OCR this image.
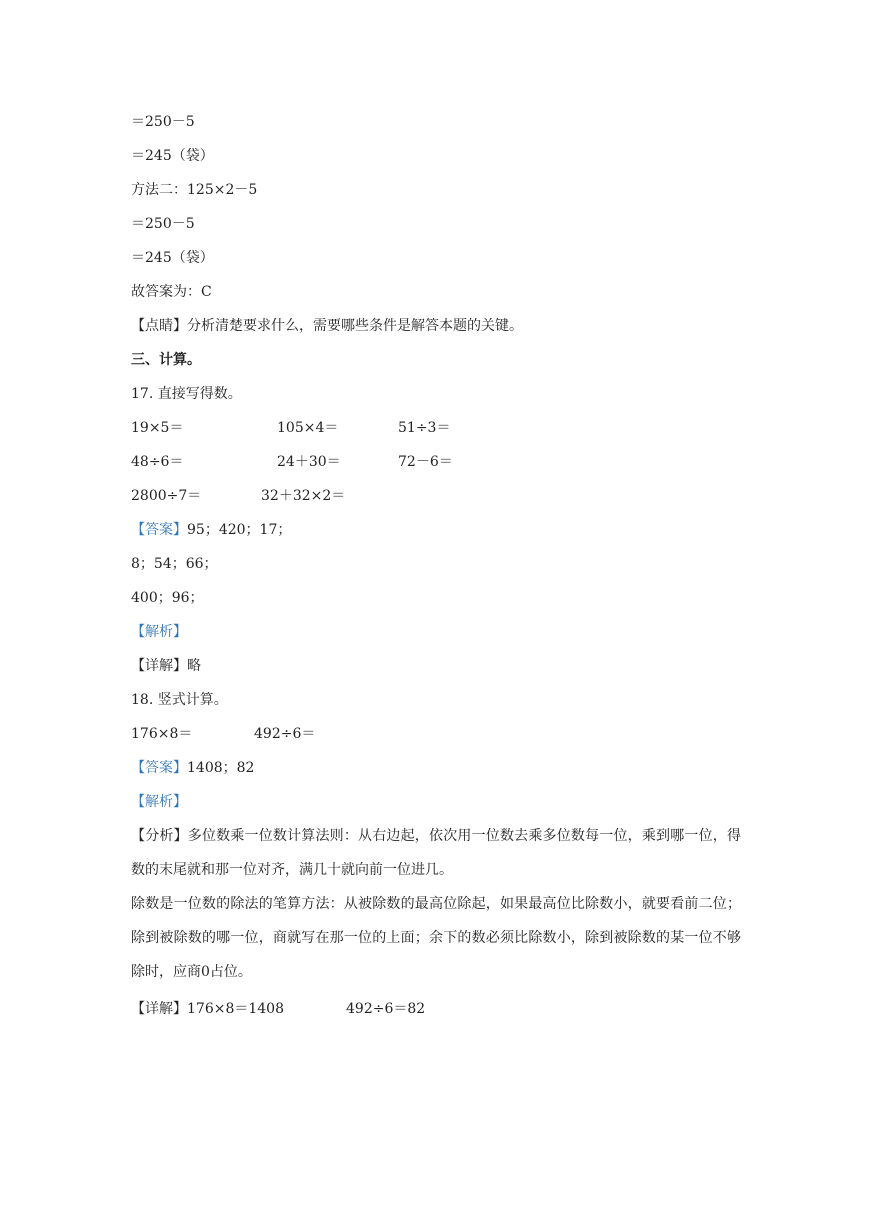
＝250－5
＝245（袋）
方法二：125×2－5
＝250－5
＝245（袋）
故答案为：C
【点睛】分析清楚要求什么，需要哪些条件是解答本题的关键。
三、计算。
17. 直接写得数。
19×5＝	105×4＝	51÷3＝
48÷6＝	24＋30＝	72－6＝
2800÷7＝	32＋32×2＝
【答案】95；420；17；
8；54；66；
400；96；
【解析】
【详解】略
18. 竖式计算。
176×8＝	492÷6＝
【答案】1408；82
【解析】
【分析】多位数乘一位数计算法则：从右边起，依次用一位数去乘多位数每一位，乘到哪一位，得数的末尾就和那一位对齐，满几十就向前一位进几。
除数是一位数的除法的笔算方法：从被除数的最高位除起，如果最高位比除数小，就要看前二位；除到被除数的哪一位，商就写在那一位的上面；余下的数必须比除数小，除到被除数的某一位不够除时，应商0占位。
【详解】 176×8＝1408	492÷6＝82
